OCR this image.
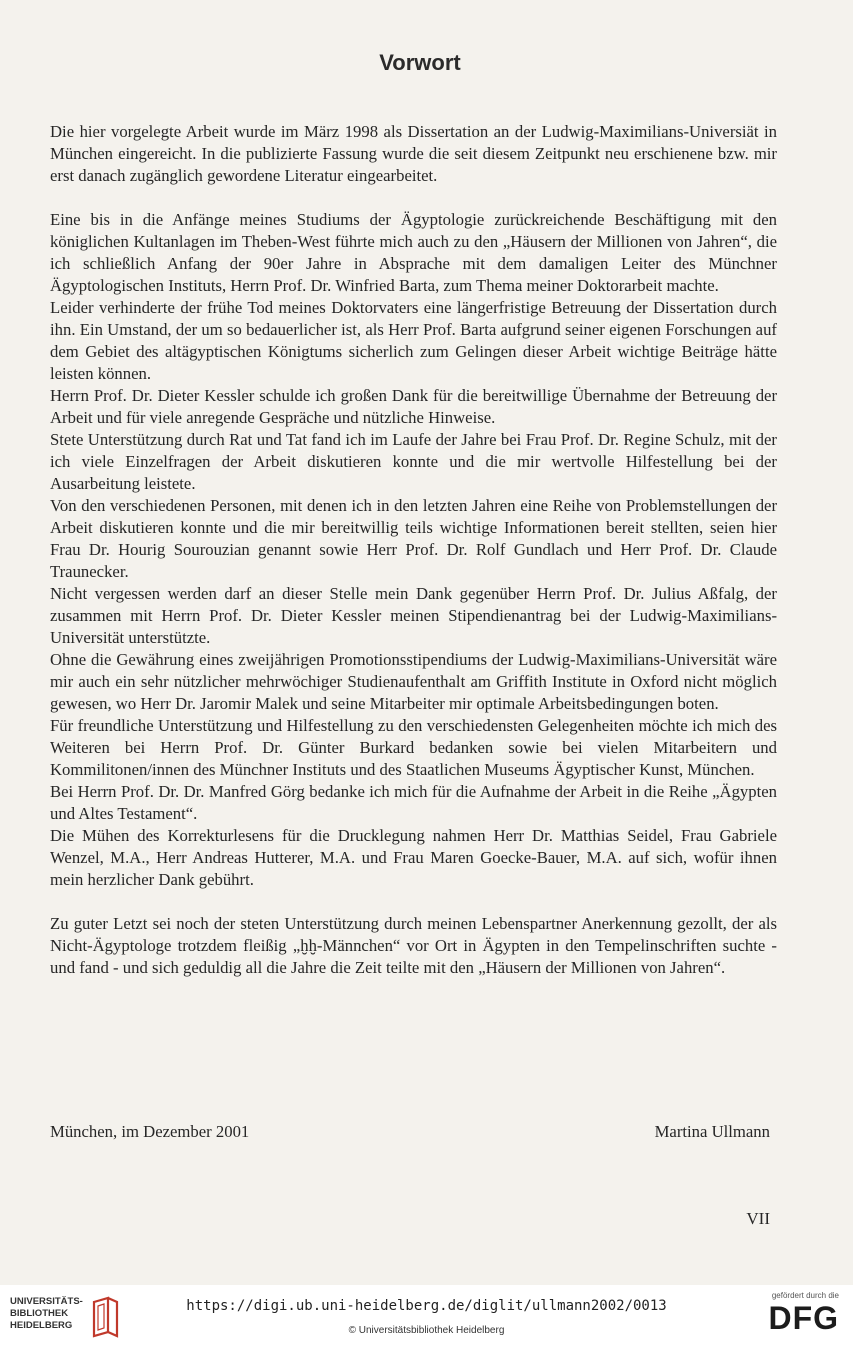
Vorwort

Die hier vorgelegte Arbeit wurde im März 1998 als Dissertation an der Ludwig-Maximilians-Universiät in München eingereicht. In die publizierte Fassung wurde die seit diesem Zeitpunkt neu erschienene bzw. mir erst danach zugänglich gewordene Literatur eingearbeitet.

Eine bis in die Anfänge meines Studiums der Ägyptologie zurückreichende Beschäftigung mit den königlichen Kultanlagen im Theben-West führte mich auch zu den „Häusern der Millionen von Jahren“, die ich schließlich Anfang der 90er Jahre in Absprache mit dem damaligen Leiter des Münchner Ägyptologischen Instituts, Herrn Prof. Dr. Winfried Barta, zum Thema meiner Doktorarbeit machte.

Leider verhinderte der frühe Tod meines Doktorvaters eine längerfristige Betreuung der Dissertation durch ihn. Ein Umstand, der um so bedauerlicher ist, als Herr Prof. Barta aufgrund seiner eigenen Forschungen auf dem Gebiet des altägyptischen Königtums sicherlich zum Gelingen dieser Arbeit wichtige Beiträge hätte leisten können.

Herrn Prof. Dr. Dieter Kessler schulde ich großen Dank für die bereitwillige Übernahme der Betreuung der Arbeit und für viele anregende Gespräche und nützliche Hinweise.

Stete Unterstützung durch Rat und Tat fand ich im Laufe der Jahre bei Frau Prof. Dr. Regine Schulz, mit der ich viele Einzelfragen der Arbeit diskutieren konnte und die mir wertvolle Hilfestellung bei der Ausarbeitung leistete.

Von den verschiedenen Personen, mit denen ich in den letzten Jahren eine Reihe von Problemstellungen der Arbeit diskutieren konnte und die mir bereitwillig teils wichtige Informationen bereit stellten, seien hier Frau Dr. Hourig Sourouzian genannt sowie Herr Prof. Dr. Rolf Gundlach und Herr Prof. Dr. Claude Traunecker.

Nicht vergessen werden darf an dieser Stelle mein Dank gegenüber Herrn Prof. Dr. Julius Aßfalg, der zusammen mit Herrn Prof. Dr. Dieter Kessler meinen Stipendienantrag bei der Ludwig-Maximilians-Universität unterstützte.

Ohne die Gewährung eines zweijährigen Promotionsstipendiums der Ludwig-Maximilians-Universität wäre mir auch ein sehr nützlicher mehrwöchiger Studienaufenthalt am Griffith Institute in Oxford nicht möglich gewesen, wo Herr Dr. Jaromir Malek und seine Mitarbeiter mir optimale Arbeitsbedingungen boten.

Für freundliche Unterstützung und Hilfestellung zu den verschiedensten Gelegenheiten möchte ich mich des Weiteren bei Herrn Prof. Dr. Günter Burkard bedanken sowie bei vielen Mitarbeitern und Kommilitonen/innen des Münchner Instituts und des Staatlichen Museums Ägyptischer Kunst, München.

Bei Herrn Prof. Dr. Dr. Manfred Görg bedanke ich mich für die Aufnahme der Arbeit in die Reihe „Ägypten und Altes Testament“.

Die Mühen des Korrekturlesens für die Drucklegung nahmen Herr Dr. Matthias Seidel, Frau Gabriele Wenzel, M.A., Herr Andreas Hutterer, M.A. und Frau Maren Goecke-Bauer, M.A. auf sich, wofür ihnen mein herzlicher Dank gebührt.

Zu guter Letzt sei noch der steten Unterstützung durch meinen Lebenspartner Anerkennung gezollt, der als Nicht-Ägyptologe trotzdem fleißig „ḫḫ-Männchen“ vor Ort in Ägypten in den Tempelinschriften suchte - und fand - und sich geduldig all die Jahre die Zeit teilte mit den „Häusern der Millionen von Jahren“.

München, im Dezember 2001	Martina Ullmann
VII
UNIVERSITÄTS-
BIBLIOTHEK
HEIDELBERG
https://digi.ub.uni-heidelberg.de/diglit/ullmann2002/0013
© Universitätsbibliothek Heidelberg
gefördert durch die
DFG
